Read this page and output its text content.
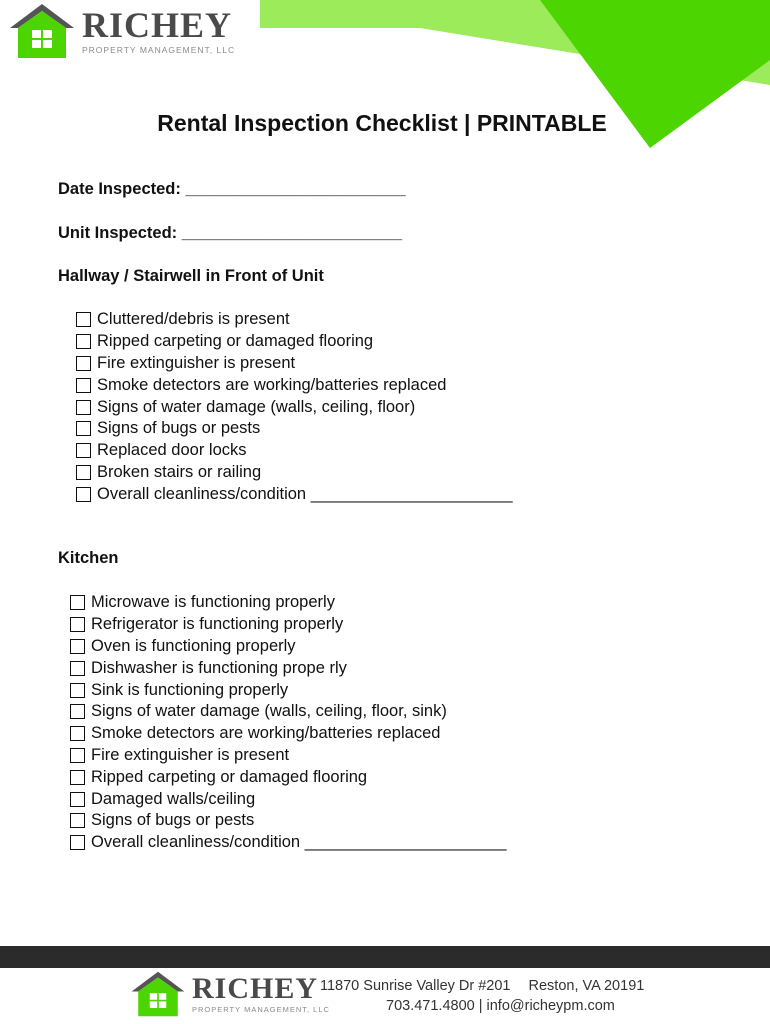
RICHEY
PROPERTY MANAGEMENT, LLC
Rental Inspection Checklist | PRINTABLE
Date Inspected: ________________________
Unit Inspected: ________________________
Hallway / Stairwell in Front of Unit
Cluttered/debris is present
Ripped carpeting or damaged flooring
Fire extinguisher is present
Smoke detectors are working/batteries replaced
Signs of water damage (walls, ceiling, floor)
Signs of bugs or pests
Replaced door locks
Broken stairs or railing
Overall cleanliness/condition ______________________
Kitchen
Microwave is functioning properly
Refrigerator is functioning properly
Oven is functioning properly
Dishwasher is functioning prope rly
Sink is functioning properly
Signs of water damage (walls, ceiling, floor, sink)
Smoke detectors are working/batteries replaced
Fire extinguisher is present
Ripped carpeting or damaged flooring
Damaged walls/ceiling
Signs of bugs or pests
Overall cleanliness/condition ______________________
RICHEY
PROPERTY MANAGEMENT, LLC
11870 Sunrise Valley Dr #201 Reston, VA 20191
703.471.4800 | info@richeypm.com
